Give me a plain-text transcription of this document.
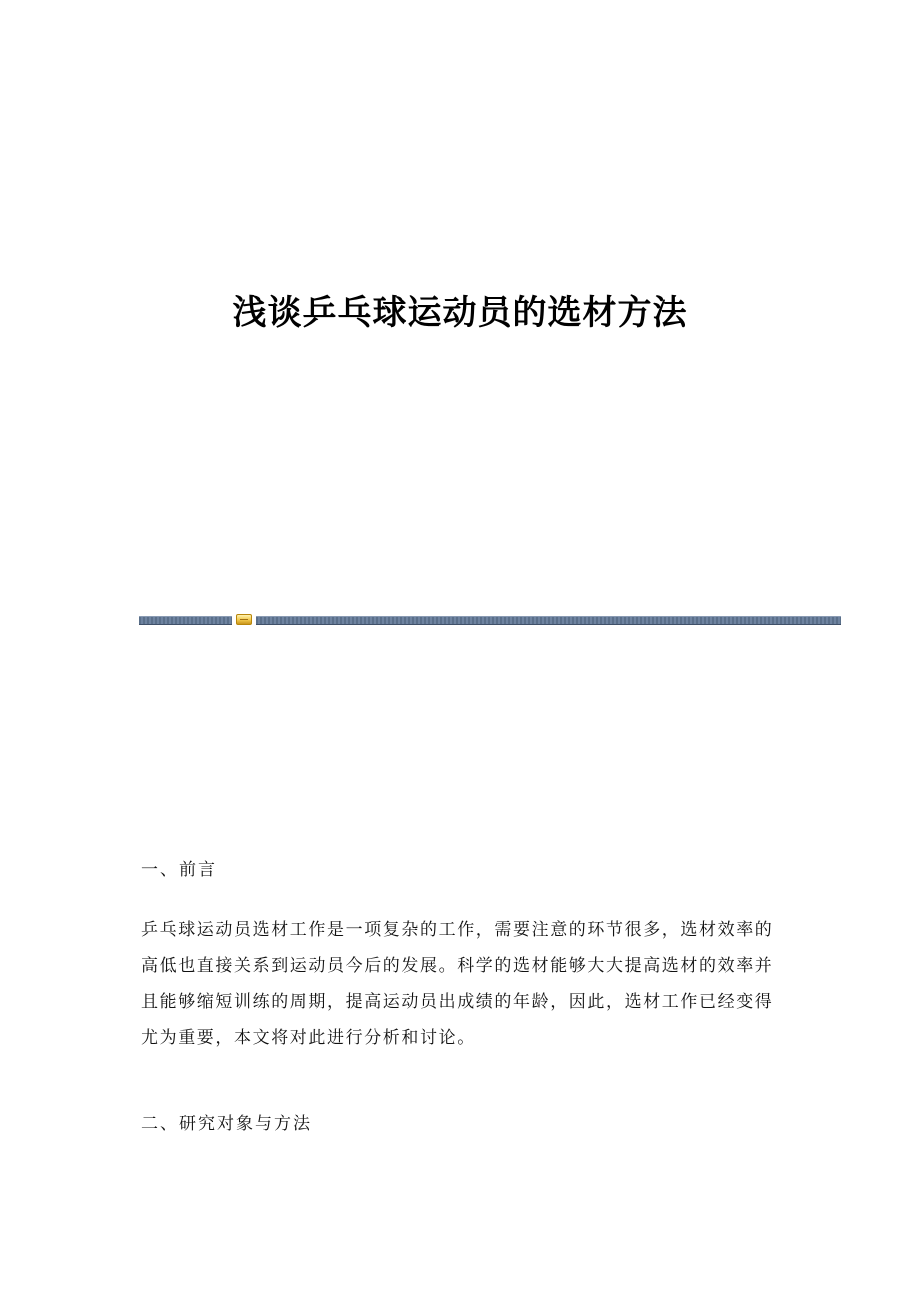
浅谈乒乓球运动员的选材方法
一、前言
乒乓球运动员选材工作是一项复杂的工作，需要注意的环节很多，选材效率的
高低也直接关系到运动员今后的发展。科学的选材能够大大提高选材的效率并
且能够缩短训练的周期，提高运动员出成绩的年龄，因此，选材工作已经变得
尤为重要，本文将对此进行分析和讨论。
二、研究对象与方法
